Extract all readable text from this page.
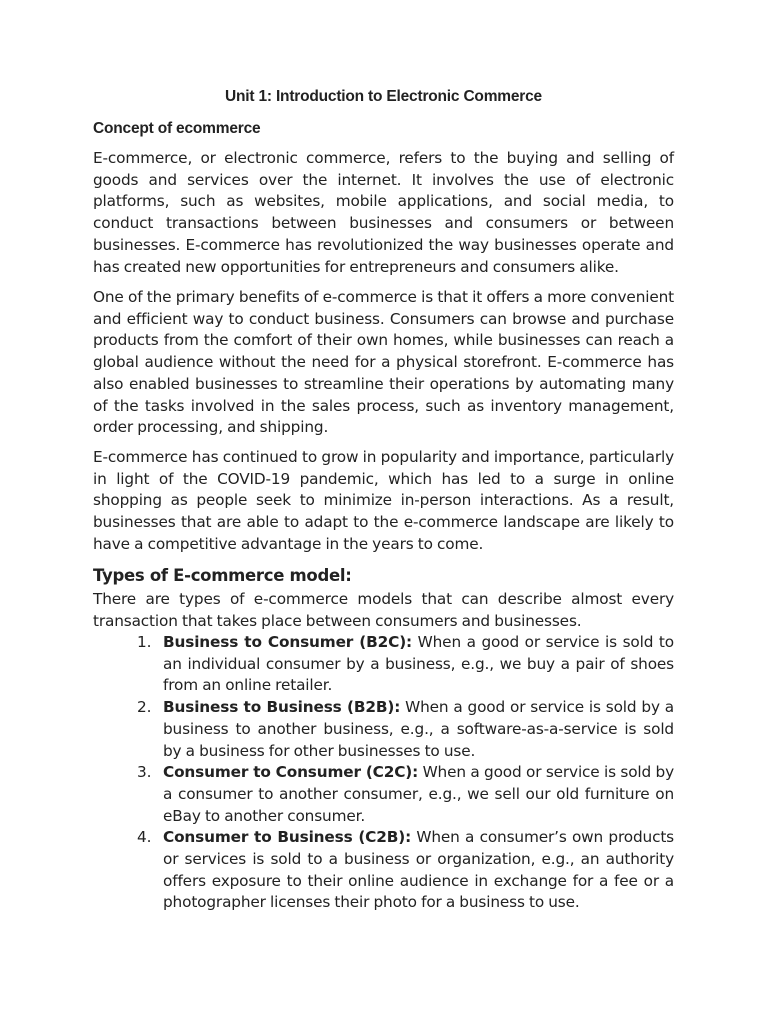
Unit 1: Introduction to Electronic Commerce
Concept of ecommerce

E-commerce, or electronic commerce, refers to the buying and selling of goods and services over the internet. It involves the use of electronic platforms, such as websites, mobile applications, and social media, to conduct transactions between businesses and consumers or between businesses. E-commerce has revolutionized the way businesses operate and has created new opportunities for entrepreneurs and consumers alike.

One of the primary benefits of e-commerce is that it offers a more convenient and efficient way to conduct business. Consumers can browse and purchase products from the comfort of their own homes, while businesses can reach a global audience without the need for a physical storefront. E-commerce has also enabled businesses to streamline their operations by automating many of the tasks involved in the sales process, such as inventory management, order processing, and shipping.

E-commerce has continued to grow in popularity and importance, particularly in light of the COVID-19 pandemic, which has led to a surge in online shopping as people seek to minimize in-person interactions. As a result, businesses that are able to adapt to the e-commerce landscape are likely to have a competitive advantage in the years to come.

Types of E-commerce model:

There are types of e-commerce models that can describe almost every transaction that takes place between consumers and businesses.

1. Business to Consumer (B2C): When a good or service is sold to an individual consumer by a business, e.g., we buy a pair of shoes from an online retailer.
2. Business to Business (B2B): When a good or service is sold by a business to another business, e.g., a software-as-a-service is sold by a business for other businesses to use.
3. Consumer to Consumer (C2C): When a good or service is sold by a consumer to another consumer, e.g., we sell our old furniture on eBay to another consumer.
4. Consumer to Business (C2B): When a consumer’s own products or services is sold to a business or organization, e.g., an authority offers exposure to their online audience in exchange for a fee or a photographer licenses their photo for a business to use.
